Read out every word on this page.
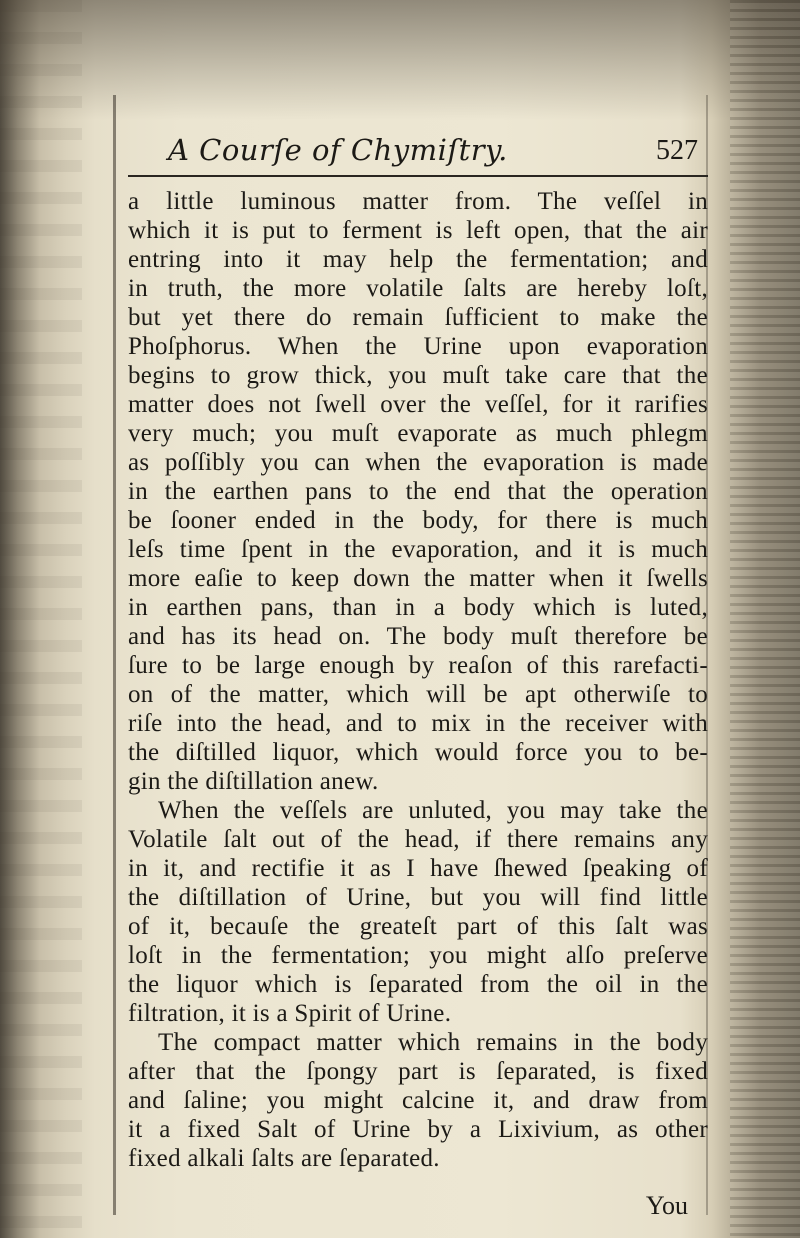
A Courſe of Chymiſtry.	527
a little luminous matter from. The veſſel in
which it is put to ferment is left open, that the air
entring into it may help the fermentation; and
in truth, the more volatile ſalts are hereby loſt,
but yet there do remain ſufficient to make the
Phoſphorus. When the Urine upon evaporation
begins to grow thick, you muſt take care that the
matter does not ſwell over the veſſel, for it rarifies
very much; you muſt evaporate as much phlegm
as poſſibly you can when the evaporation is made
in the earthen pans to the end that the operation
be ſooner ended in the body, for there is much
leſs time ſpent in the evaporation, and it is much
more eaſie to keep down the matter when it ſwells
in earthen pans, than in a body which is luted,
and has its head on. The body muſt therefore be
ſure to be large enough by reaſon of this rarefacti-
on of the matter, which will be apt otherwiſe to
riſe into the head, and to mix in the receiver with
the diſtilled liquor, which would force you to be-
gin the diſtillation anew.
When the veſſels are unluted, you may take the
Volatile ſalt out of the head, if there remains any
in it, and rectifie it as I have ſhewed ſpeaking of
the diſtillation of Urine, but you will find little
of it, becauſe the greateſt part of this ſalt was
loſt in the fermentation; you might alſo preſerve
the liquor which is ſeparated from the oil in the
filtration, it is a Spirit of Urine.
The compact matter which remains in the body
after that the ſpongy part is ſeparated, is fixed
and ſaline; you might calcine it, and draw from
it a fixed Salt of Urine by a Lixivium, as other
fixed alkali ſalts are ſeparated.
You
